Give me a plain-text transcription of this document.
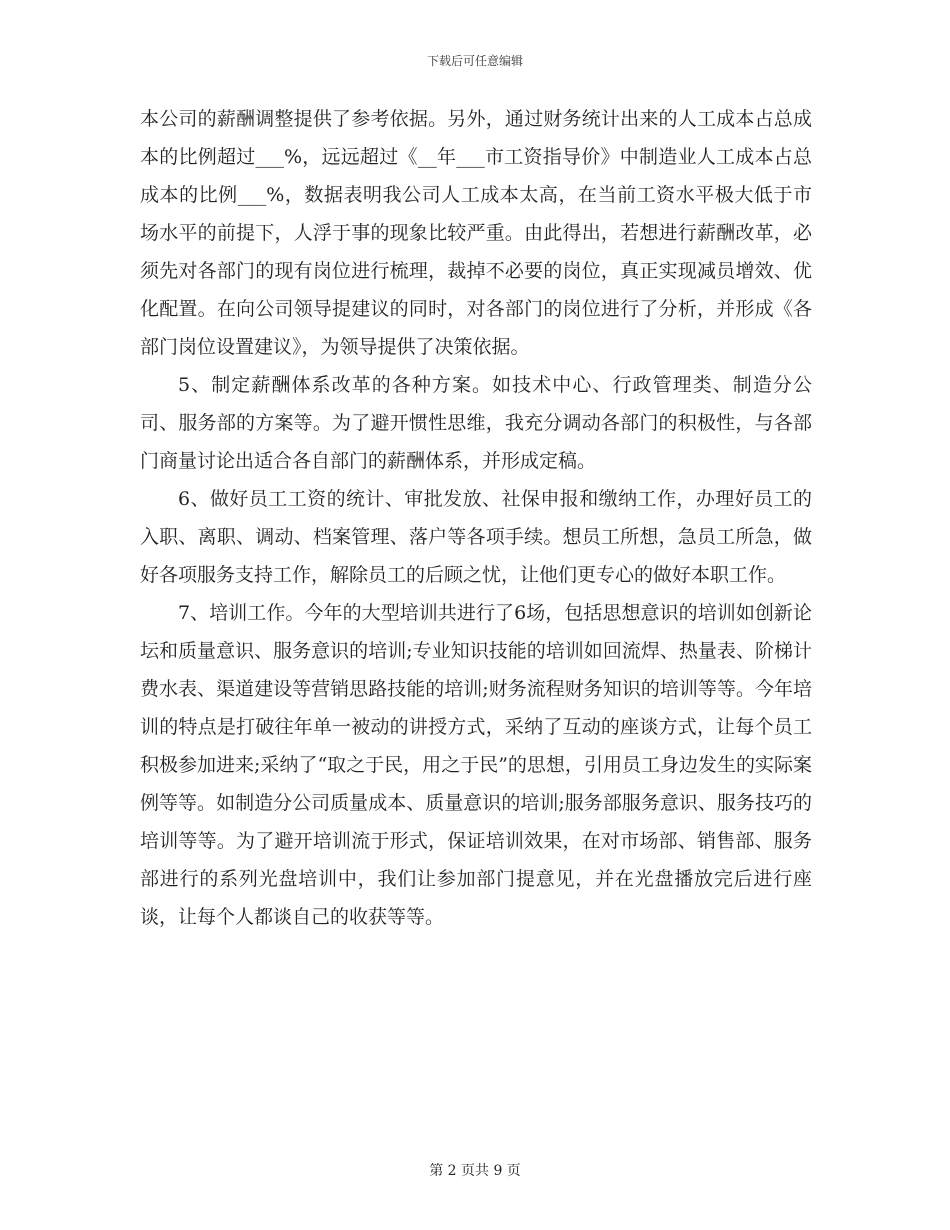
下载后可任意编辑

本公司的薪酬调整提供了参考依据。另外，通过财务统计出来的人工成本占总成本的比例超过___%，远远超过《__年___市工资指导价》中制造业人工成本占总成本的比例___%，数据表明我公司人工成本太高，在当前工资水平极大低于市场水平的前提下，人浮于事的现象比较严重。由此得出，若想进行薪酬改革，必须先对各部门的现有岗位进行梳理，裁掉不必要的岗位，真正实现减员增效、优化配置。在向公司领导提建议的同时，对各部门的岗位进行了分析，并形成《各部门岗位设置建议》，为领导提供了决策依据。

5、制定薪酬体系改革的各种方案。如技术中心、行政管理类、制造分公司、服务部的方案等。为了避开惯性思维，我充分调动各部门的积极性，与各部门商量讨论出适合各自部门的薪酬体系，并形成定稿。

6、做好员工工资的统计、审批发放、社保申报和缴纳工作，办理好员工的入职、离职、调动、档案管理、落户等各项手续。想员工所想，急员工所急，做好各项服务支持工作，解除员工的后顾之忧，让他们更专心的做好本职工作。

7、培训工作。今年的大型培训共进行了6场，包括思想意识的培训如创新论坛和质量意识、服务意识的培训;专业知识技能的培训如回流焊、热量表、阶梯计费水表、渠道建设等营销思路技能的培训;财务流程财务知识的培训等等。今年培训的特点是打破往年单一被动的讲授方式，采纳了互动的座谈方式，让每个员工积极参加进来;采纳了“取之于民，用之于民”的思想，引用员工身边发生的实际案例等等。如制造分公司质量成本、质量意识的培训;服务部服务意识、服务技巧的培训等等。为了避开培训流于形式，保证培训效果，在对市场部、销售部、服务部进行的系列光盘培训中，我们让参加部门提意见，并在光盘播放完后进行座谈，让每个人都谈自己的收获等等。

第 2 页共 9 页
